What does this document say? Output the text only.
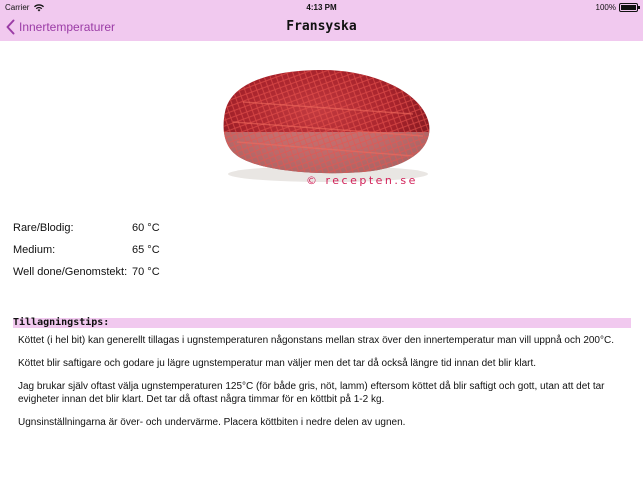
Carrier	4:13 PM	100%
Innertemperaturer	Fransyska
© recepten.se
Rare/Blodig:	60 °C
Medium:	65 °C
Well done/Genomstekt: 70 °C
Tillagningstips:

Köttet (i hel bit) kan generellt tillagas i ugnstemperaturen någonstans mellan strax över den innertemperatur man vill uppnå och 200°C.

Köttet blir saftigare och godare ju lägre ugnstemperatur man väljer men det tar då också längre tid innan det blir klart.

Jag brukar själv oftast välja ugnstemperaturen 125°C (för både gris, nöt, lamm) eftersom köttet då blir saftigt och gott, utan att det tar evigheter innan det blir klart. Det tar då oftast några timmar för en köttbit på 1-2 kg.

Ugnsinställningarna är över- och undervärme. Placera köttbiten i nedre delen av ugnen.
